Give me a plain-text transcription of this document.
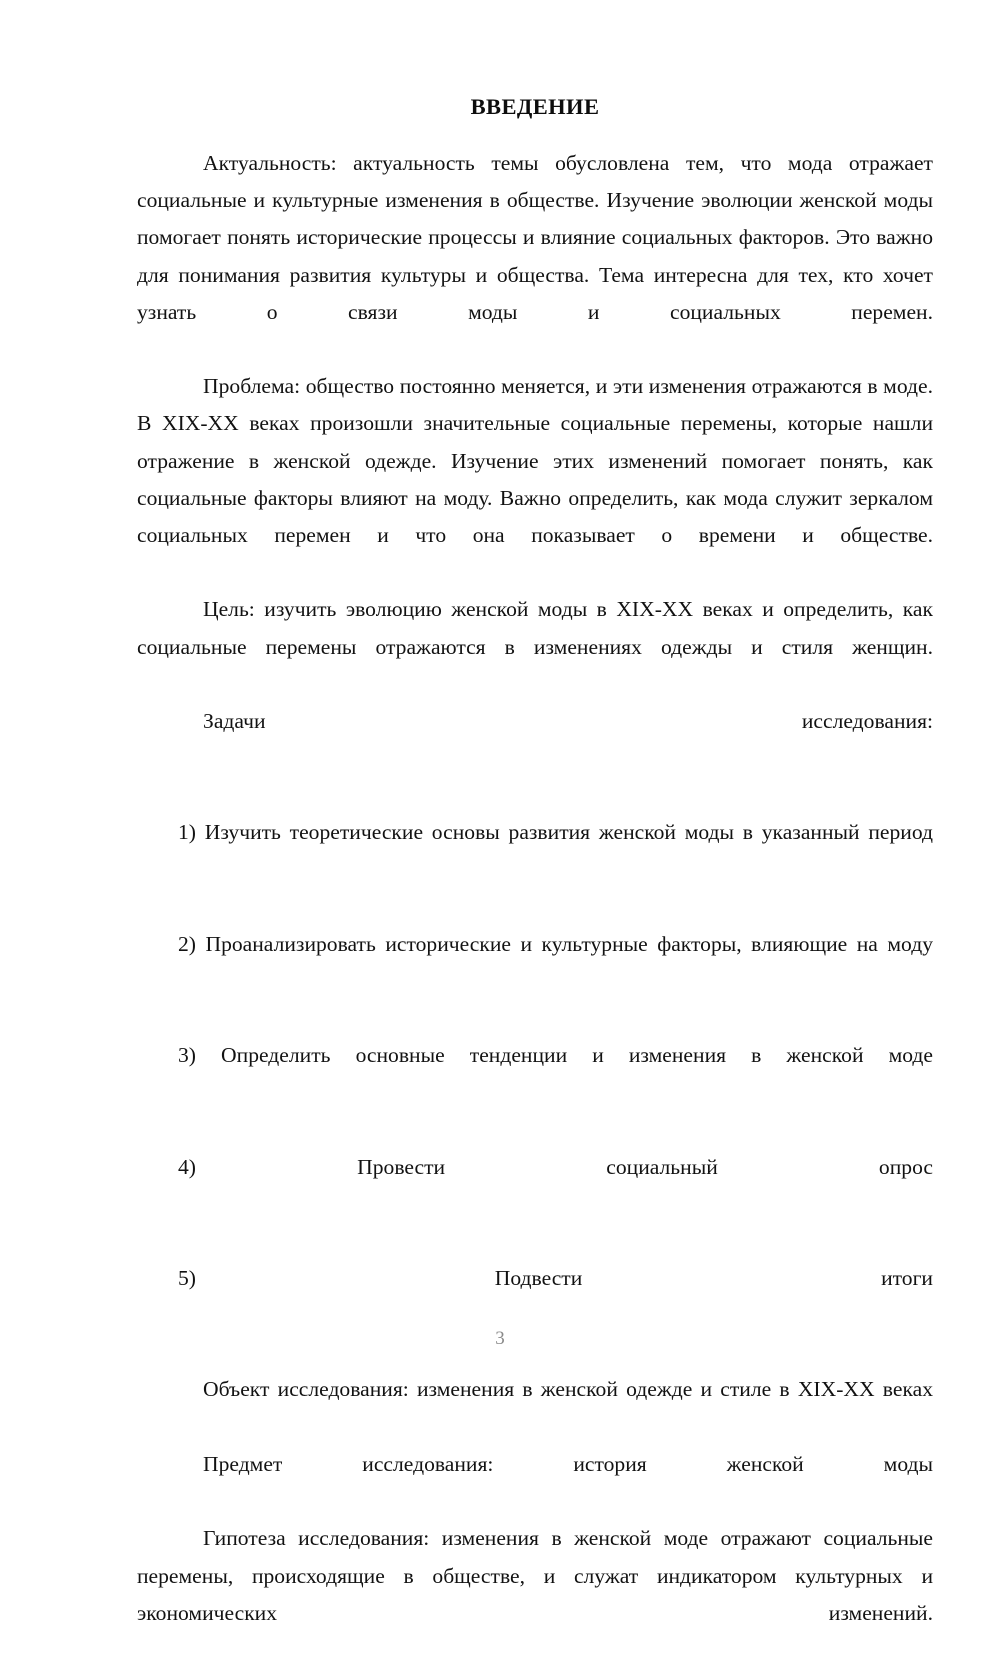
ВВЕДЕНИЕ

Актуальность: актуальность темы обусловлена тем, что мода отражает социальные и культурные изменения в обществе. Изучение эволюции женской моды помогает понять исторические процессы и влияние социальных факторов. Это важно для понимания развития культуры и общества. Тема интересна для тех, кто хочет узнать о связи моды и социальных перемен.

Проблема: общество постоянно меняется, и эти изменения отражаются в моде. В XIX-XX веках произошли значительные социальные перемены, которые нашли отражение в женской одежде. Изучение этих изменений помогает понять, как социальные факторы влияют на моду. Важно определить, как мода служит зеркалом социальных перемен и что она показывает о времени и обществе.

Цель: изучить эволюцию женской моды в XIX-XX веках и определить, как социальные перемены отражаются в изменениях одежды и стиля женщин.

Задачи исследования:

1) Изучить теоретические основы развития женской моды в указанный период

2) Проанализировать исторические и культурные факторы, влияющие на моду

3) Определить основные тенденции и изменения в женской моде

4) Провести социальный опрос

5) Подвести итоги

Объект исследования: изменения в женской одежде и стиле в XIX-XX веках

Предмет исследования: история женской моды

Гипотеза исследования: изменения в женской моде отражают социальные перемены, происходящие в обществе, и служат индикатором культурных и экономических изменений.

3
